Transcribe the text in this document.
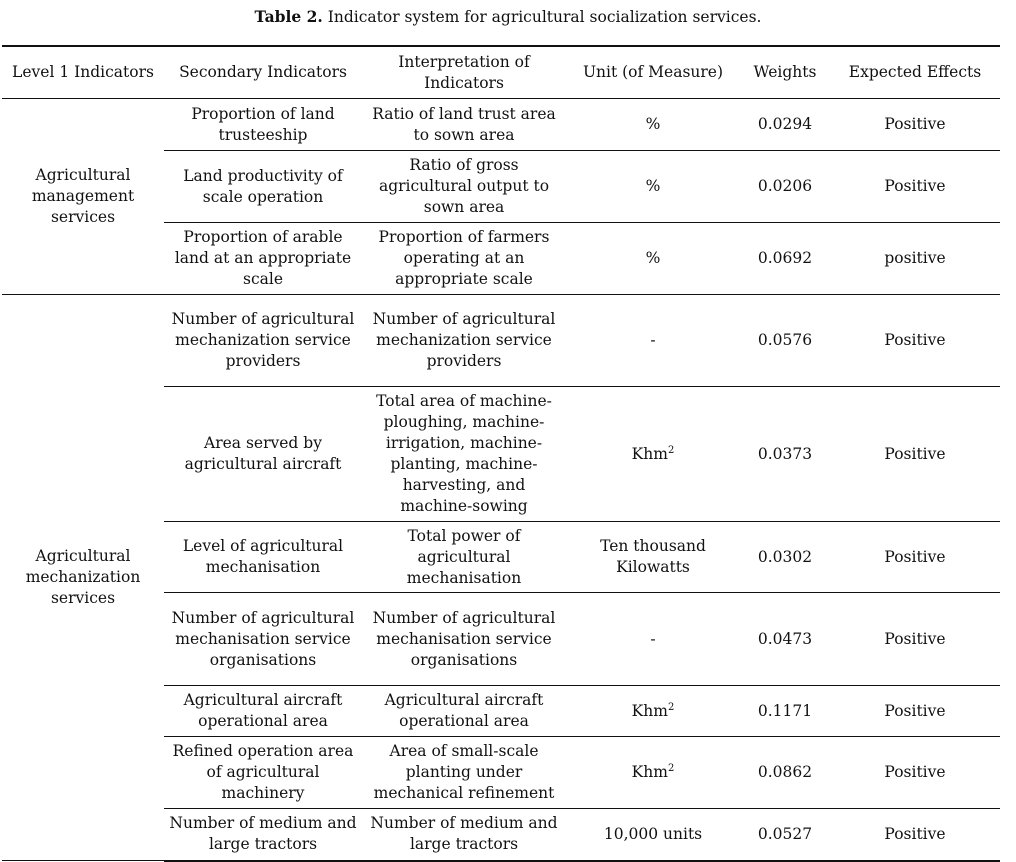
Table 2. Indicator system for agricultural socialization services.
Level 1 Indicators	Secondary Indicators	Interpretation of Indicators	Unit (of Measure)	Weights	Expected Effects
Agricultural management services	Proportion of land trusteeship	Ratio of land trust area to sown area	%	0.0294	Positive
	Land productivity of scale operation	Ratio of gross agricultural output to sown area	%	0.0206	Positive
	Proportion of arable land at an appropriate scale	Proportion of farmers operating at an appropriate scale	%	0.0692	positive
Agricultural mechanization services	Number of agricultural mechanization service providers	Number of agricultural mechanization service providers	-	0.0576	Positive
	Area served by agricultural aircraft	Total area of machine-ploughing, machine-irrigation, machine-planting, machine-harvesting, and machine-sowing	Khm$^2$	0.0373	Positive
	Level of agricultural mechanisation	Total power of agricultural mechanisation	Ten thousand Kilowatts	0.0302	Positive
	Number of agricultural mechanisation service organisations	Number of agricultural mechanisation service organisations	-	0.0473	Positive
	Agricultural aircraft operational area	Agricultural aircraft operational area	Khm$^2$	0.1171	Positive
	Refined operation area of agricultural machinery	Area of small-scale planting under mechanical refinement	Khm$^2$	0.0862	Positive
	Number of medium and large tractors	Number of medium and large tractors	10,000 units	0.0527	Positive
